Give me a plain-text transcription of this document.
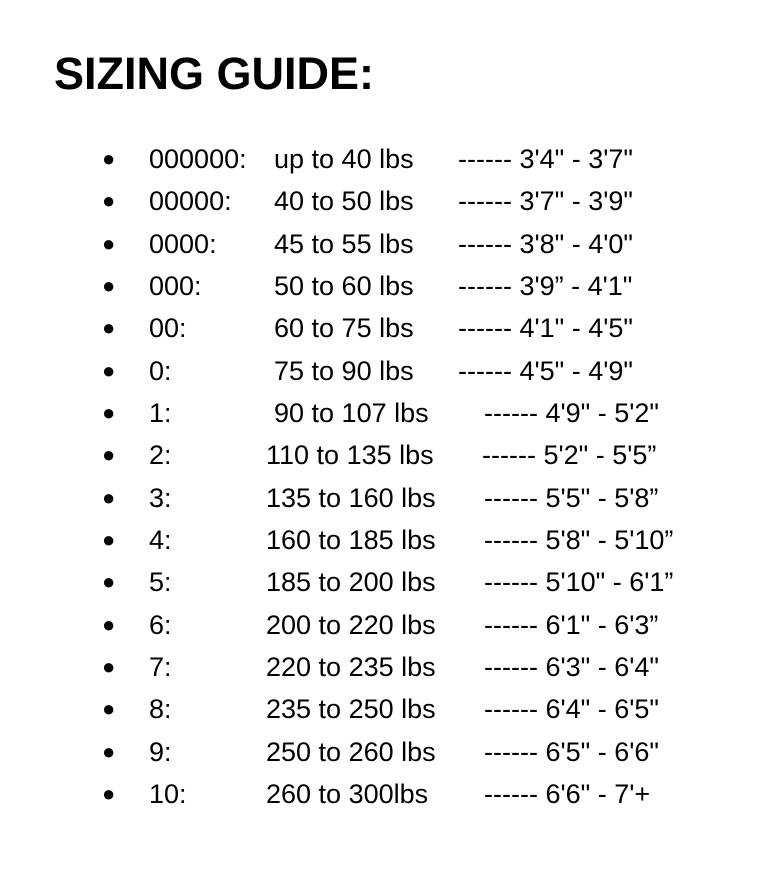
SIZING GUIDE:
● 000000: up to 40 lbs ------ 3'4" - 3'7"
● 00000: 40 to 50 lbs ------ 3'7" - 3'9"
● 0000: 45 to 55 lbs ------ 3'8" - 4'0"
● 000:	50 to 60 lbs ------ 3'9” - 4'1"
● 00:	60 to 75 lbs ------ 4'1" - 4'5"
● 0:	75 to 90 lbs ------ 4'5" - 4'9"
● 1:	90 to 107 lbs ------ 4'9" - 5'2"
● 2:	110 to 135 lbs ------ 5'2" - 5'5”
● 3:	135 to 160 lbs ------ 5'5" - 5'8”
● 4:	160 to 185 lbs ------ 5'8" - 5'10”
● 5:	185 to 200 lbs ------ 5'10" - 6'1”
● 6:	200 to 220 lbs ------ 6'1" - 6'3”
● 7:	220 to 235 lbs ------ 6'3" - 6'4"
● 8:	235 to 250 lbs ------ 6'4" - 6'5"
● 9:	250 to 260 lbs ------ 6'5" - 6'6"
● 10:	260 to 300lbs ------ 6'6" - 7'+
